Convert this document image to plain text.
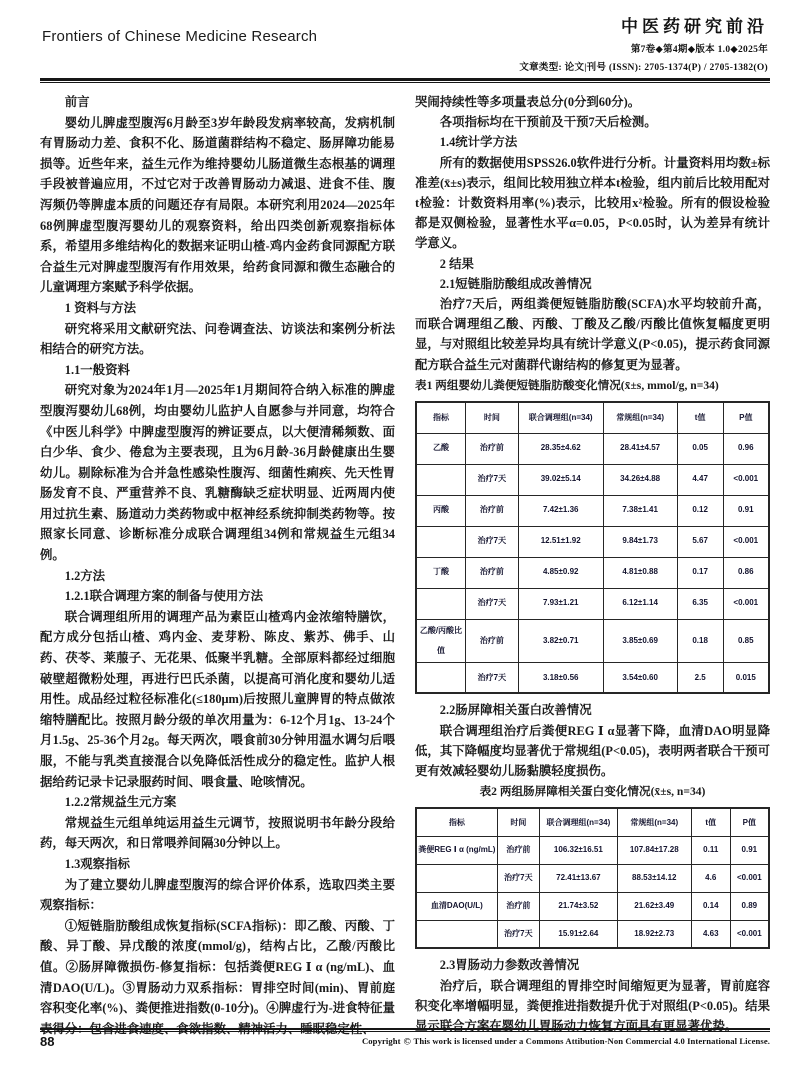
Frontiers of Chinese Medicine Research
中医药研究前沿
第7卷◆第4期◆版本 1.0◆2025年
文章类型: 论文|刊号 (ISSN): 2705-1374(P) / 2705-1382(O)
前言
婴幼儿脾虚型腹泻6月龄至3岁年龄段发病率较高，发病机制有胃肠动力差、食积不化、肠道菌群结构不稳定、肠屏障功能易损等。近些年来，益生元作为维持婴幼儿肠道微生态根基的调理手段被普遍应用，不过它对于改善胃肠动力减退、进食不佳、腹泻频仍等脾虚本质的问题还存有局限。本研究利用2024—2025年68例脾虚型腹泻婴幼儿的观察资料，给出四类创新观察指标体系，希望用多维结构化的数据来证明山楂-鸡内金药食同源配方联合益生元对脾虚型腹泻有作用效果，给药食同源和微生态融合的儿童调理方案赋予科学依据。
1 资料与方法
研究将采用文献研究法、问卷调查法、访谈法和案例分析法相结合的研究方法。
1.1一般资料
研究对象为2024年1月—2025年1月期间符合纳入标准的脾虚型腹泻婴幼儿68例，均由婴幼儿监护人自愿参与并同意，均符合《中医儿科学》中脾虚型腹泻的辨证要点，以大便清稀频数、面白少华、食少、倦怠为主要表现，且为6月龄-36月龄健康出生婴幼儿。剔除标准为合并急性感染性腹泻、细菌性痢疾、先天性胃肠发育不良、严重营养不良、乳糖酶缺乏症状明显、近两周内使用过抗生素、肠道动力类药物或中枢神经系统抑制类药物等。按照家长同意、诊断标准分成联合调理组34例和常规益生元组34例。
1.2方法
1.2.1联合调理方案的制备与使用方法
联合调理组所用的调理产品为素臣山楂鸡内金浓缩特膳饮，配方成分包括山楂、鸡内金、麦芽粉、陈皮、紫苏、佛手、山药、茯苓、莱菔子、无花果、低聚半乳糖。全部原料都经过细胞破壁超微粉处理，再进行巴氏杀菌，以提高可消化度和婴幼儿适用性。成品经过粒径标准化(≤180μm)后按照儿童脾胃的特点做浓缩特膳配比。按照月龄分级的单次用量为：6-12个月1g、13-24个月1.5g、25-36个月2g。每天两次，喂食前30分钟用温水调匀后喂服，不能与乳类直接混合以免降低活性成分的稳定性。监护人根据给药记录卡记录服药时间、喂食量、呛咳情况。
1.2.2常规益生元方案
常规益生元组单纯运用益生元调节，按照说明书年龄分段给药，每天两次，和日常喂养间隔30分钟以上。
1.3观察指标
为了建立婴幼儿脾虚型腹泻的综合评价体系，选取四类主要观察指标：
①短链脂肪酸组成恢复指标(SCFA指标)：即乙酸、丙酸、丁酸、异丁酸、异戊酸的浓度(mmol/g)，结构占比，乙酸/丙酸比值。②肠屏障微损伤-修复指标：包括粪便REG Ⅰ α (ng/mL)、血清DAO(U/L)。③胃肠动力双系指标：胃排空时间(min)、胃前庭容积变化率(%)、粪便推进指数(0-10分)。④脾虚行为-进食特征量表得分：包含进食速度、食欲指数、精神活力、睡眠稳定性、
哭闹持续性等多项量表总分(0分到60分)。
各项指标均在干预前及干预7天后检测。
1.4统计学方法
所有的数据使用SPSS26.0软件进行分析。计量资料用均数±标准差(x̄±s)表示，组间比较用独立样本t检验，组内前后比较用配对t检验：计数资料用率(%)表示，比较用x²检验。所有的假设检验都是双侧检验，显著性水平α=0.05，P<0.05时，认为差异有统计学意义。
2 结果
2.1短链脂肪酸组成改善情况
治疗7天后，两组粪便短链脂肪酸(SCFA)水平均较前升高，而联合调理组乙酸、丙酸、丁酸及乙酸/丙酸比值恢复幅度更明显，与对照组比较差异均具有统计学意义(P<0.05)，提示药食同源配方联合益生元对菌群代谢结构的修复更为显著。
表1 两组婴幼儿粪便短链脂肪酸变化情况(x̄±s, mmol/g, n=34)
指标	时间	联合调理组(n=34)	常规组(n=34)	t值	P值
乙酸	治疗前	28.35±4.62	28.41±4.57	0.05	0.96
	治疗7天	39.02±5.14	34.26±4.88	4.47	<0.001
丙酸	治疗前	7.42±1.36	7.38±1.41	0.12	0.91
	治疗7天	12.51±1.92	9.84±1.73	5.67	<0.001
丁酸	治疗前	4.85±0.92	4.81±0.88	0.17	0.86
	治疗7天	7.93±1.21	6.12±1.14	6.35	<0.001
乙酸/丙酸比值	治疗前	3.82±0.71	3.85±0.69	0.18	0.85
	治疗7天	3.18±0.56	3.54±0.60	2.5	0.015
2.2肠屏障相关蛋白改善情况
联合调理组治疗后粪便REG Ⅰ α显著下降，血清DAO明显降低，其下降幅度均显著优于常规组(P<0.05)，表明两者联合干预可更有效减轻婴幼儿肠黏膜轻度损伤。
表2 两组肠屏障相关蛋白变化情况(x̄±s, n=34)
指标	时间	联合调理组(n=34)	常规组(n=34)	t值	P值
粪便REG Ⅰ α (ng/mL)	治疗前	106.32±16.51	107.84±17.28	0.11	0.91
	治疗7天	72.41±13.67	88.53±14.12	4.6	<0.001
血清DAO(U/L)	治疗前	21.74±3.52	21.62±3.49	0.14	0.89
	治疗7天	15.91±2.64	18.92±2.73	4.63	<0.001
2.3胃肠动力参数改善情况
治疗后，联合调理组的胃排空时间缩短更为显著，胃前庭容积变化率增幅明显，粪便推进指数提升优于对照组(P<0.05)。结果显示联合方案在婴幼儿胃肠动力恢复方面具有更显著优势。
88	Copyright © This work is licensed under a Commons Attibution-Non Commercial 4.0 International License.
